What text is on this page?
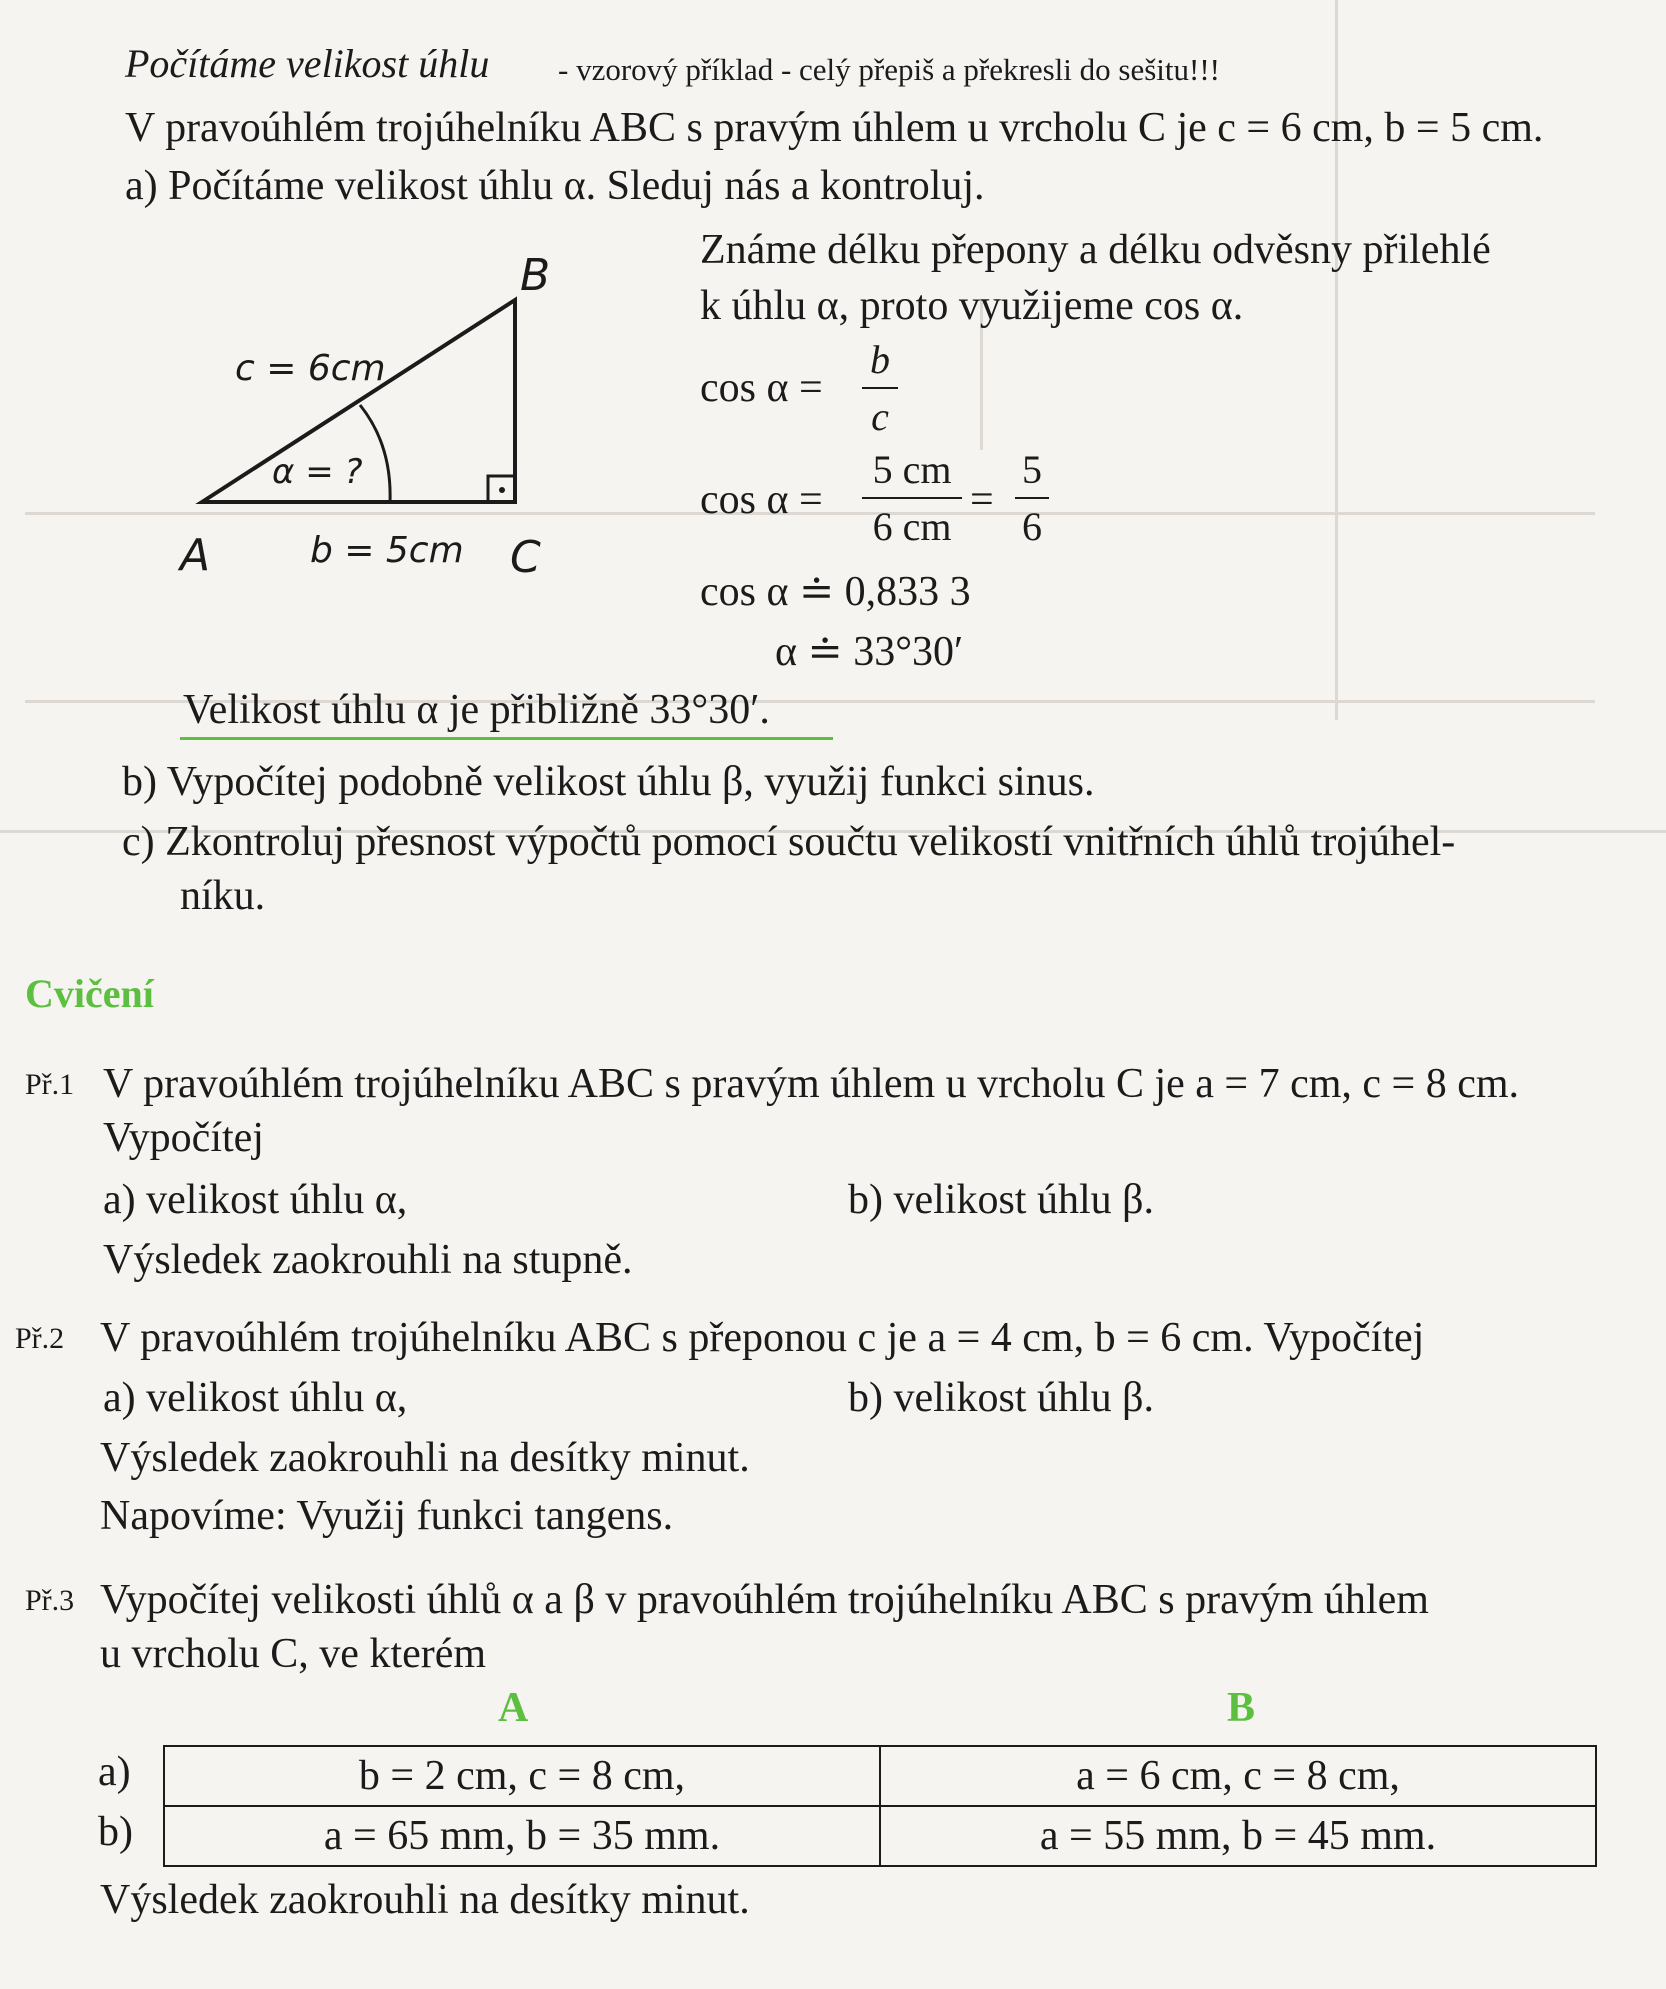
Počítáme velikost úhlu - vzorový příklad - celý přepiš a překresli do sešitu!!!
V pravoúhlém trojúhelníku ABC s pravým úhlem u vrcholu C je c = 6 cm, b = 5 cm.
a) Počítáme velikost úhlu α. Sleduj nás a kontroluj.
B
A	C
c = 6cm
α = ?
b = 5cm
Známe délku přepony a délku odvěsny přilehlé
k úhlu α, proto využijeme cos α.
cos α =
b
c
cos α =
5 cm
6 cm
=
5
6
cos α ≐ 0,833 3
α ≐ 33°30′
Velikost úhlu α je přibližně 33°30′.
b) Vypočítej podobně velikost úhlu β, využij funkci sinus.
c) Zkontroluj přesnost výpočtů pomocí součtu velikostí vnitřních úhlů trojúhel-
níku.
Cvičení
Př.1 V pravoúhlém trojúhelníku ABC s pravým úhlem u vrcholu C je a = 7 cm, c = 8 cm.
Vypočítej
a) velikost úhlu α,	b) velikost úhlu β.
Výsledek zaokrouhli na stupně.
Př.2 V pravoúhlém trojúhelníku ABC s přeponou c je a = 4 cm, b = 6 cm. Vypočítej
a) velikost úhlu α,	b) velikost úhlu β.
Výsledek zaokrouhli na desítky minut.
Napovíme: Využij funkci tangens.
Př.3 Vypočítej velikosti úhlů α a β v pravoúhlém trojúhelníku ABC s pravým úhlem
u vrcholu C, ve kterém
A	B
a)
b)
b = 2 cm, c = 8 cm,	a = 6 cm, c = 8 cm,
a = 65 mm, b = 35 mm.	a = 55 mm, b = 45 mm.
Výsledek zaokrouhli na desítky minut.
